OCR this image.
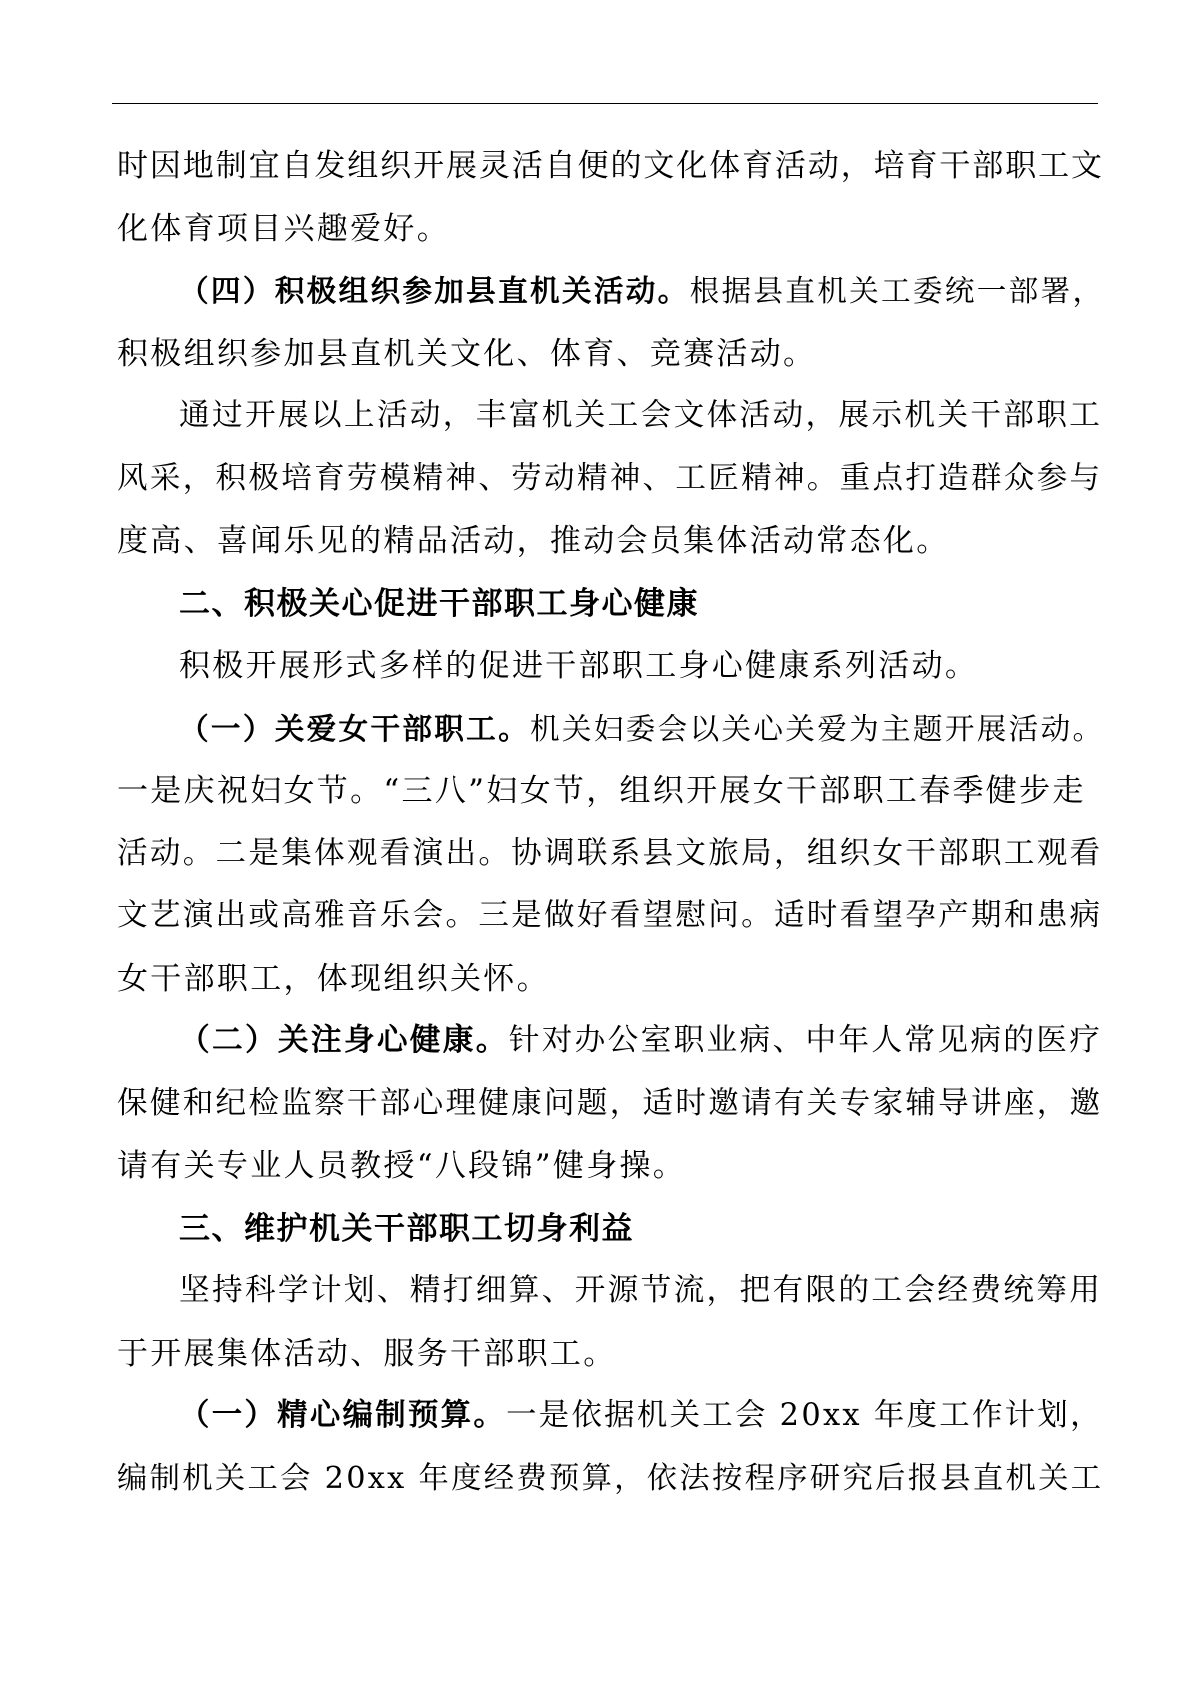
时因地制宜自发组织开展灵活自便的文化体育活动，培育干部职工文
化体育项目兴趣爱好。
（四）积极组织参加县直机关活动。根据县直机关工委统一部署，
积极组织参加县直机关文化、体育、竞赛活动。
通过开展以上活动，丰富机关工会文体活动，展示机关干部职工
风采，积极培育劳模精神、劳动精神、工匠精神。重点打造群众参与
度高、喜闻乐见的精品活动，推动会员集体活动常态化。
二、积极关心促进干部职工身心健康
积极开展形式多样的促进干部职工身心健康系列活动。
（一）关爱女干部职工。机关妇委会以关心关爱为主题开展活动。
一是庆祝妇女节。“三八”妇女节，组织开展女干部职工春季健步走
活动。二是集体观看演出。协调联系县文旅局，组织女干部职工观看
文艺演出或高雅音乐会。三是做好看望慰问。适时看望孕产期和患病
女干部职工，体现组织关怀。
（二）关注身心健康。针对办公室职业病、中年人常见病的医疗
保健和纪检监察干部心理健康问题，适时邀请有关专家辅导讲座，邀
请有关专业人员教授“八段锦”健身操。
三、维护机关干部职工切身利益
坚持科学计划、精打细算、开源节流，把有限的工会经费统筹用
于开展集体活动、服务干部职工。
（一）精心编制预算。一是依据机关工会 20xx 年度工作计划，
编制机关工会 20xx 年度经费预算，依法按程序研究后报县直机关工
